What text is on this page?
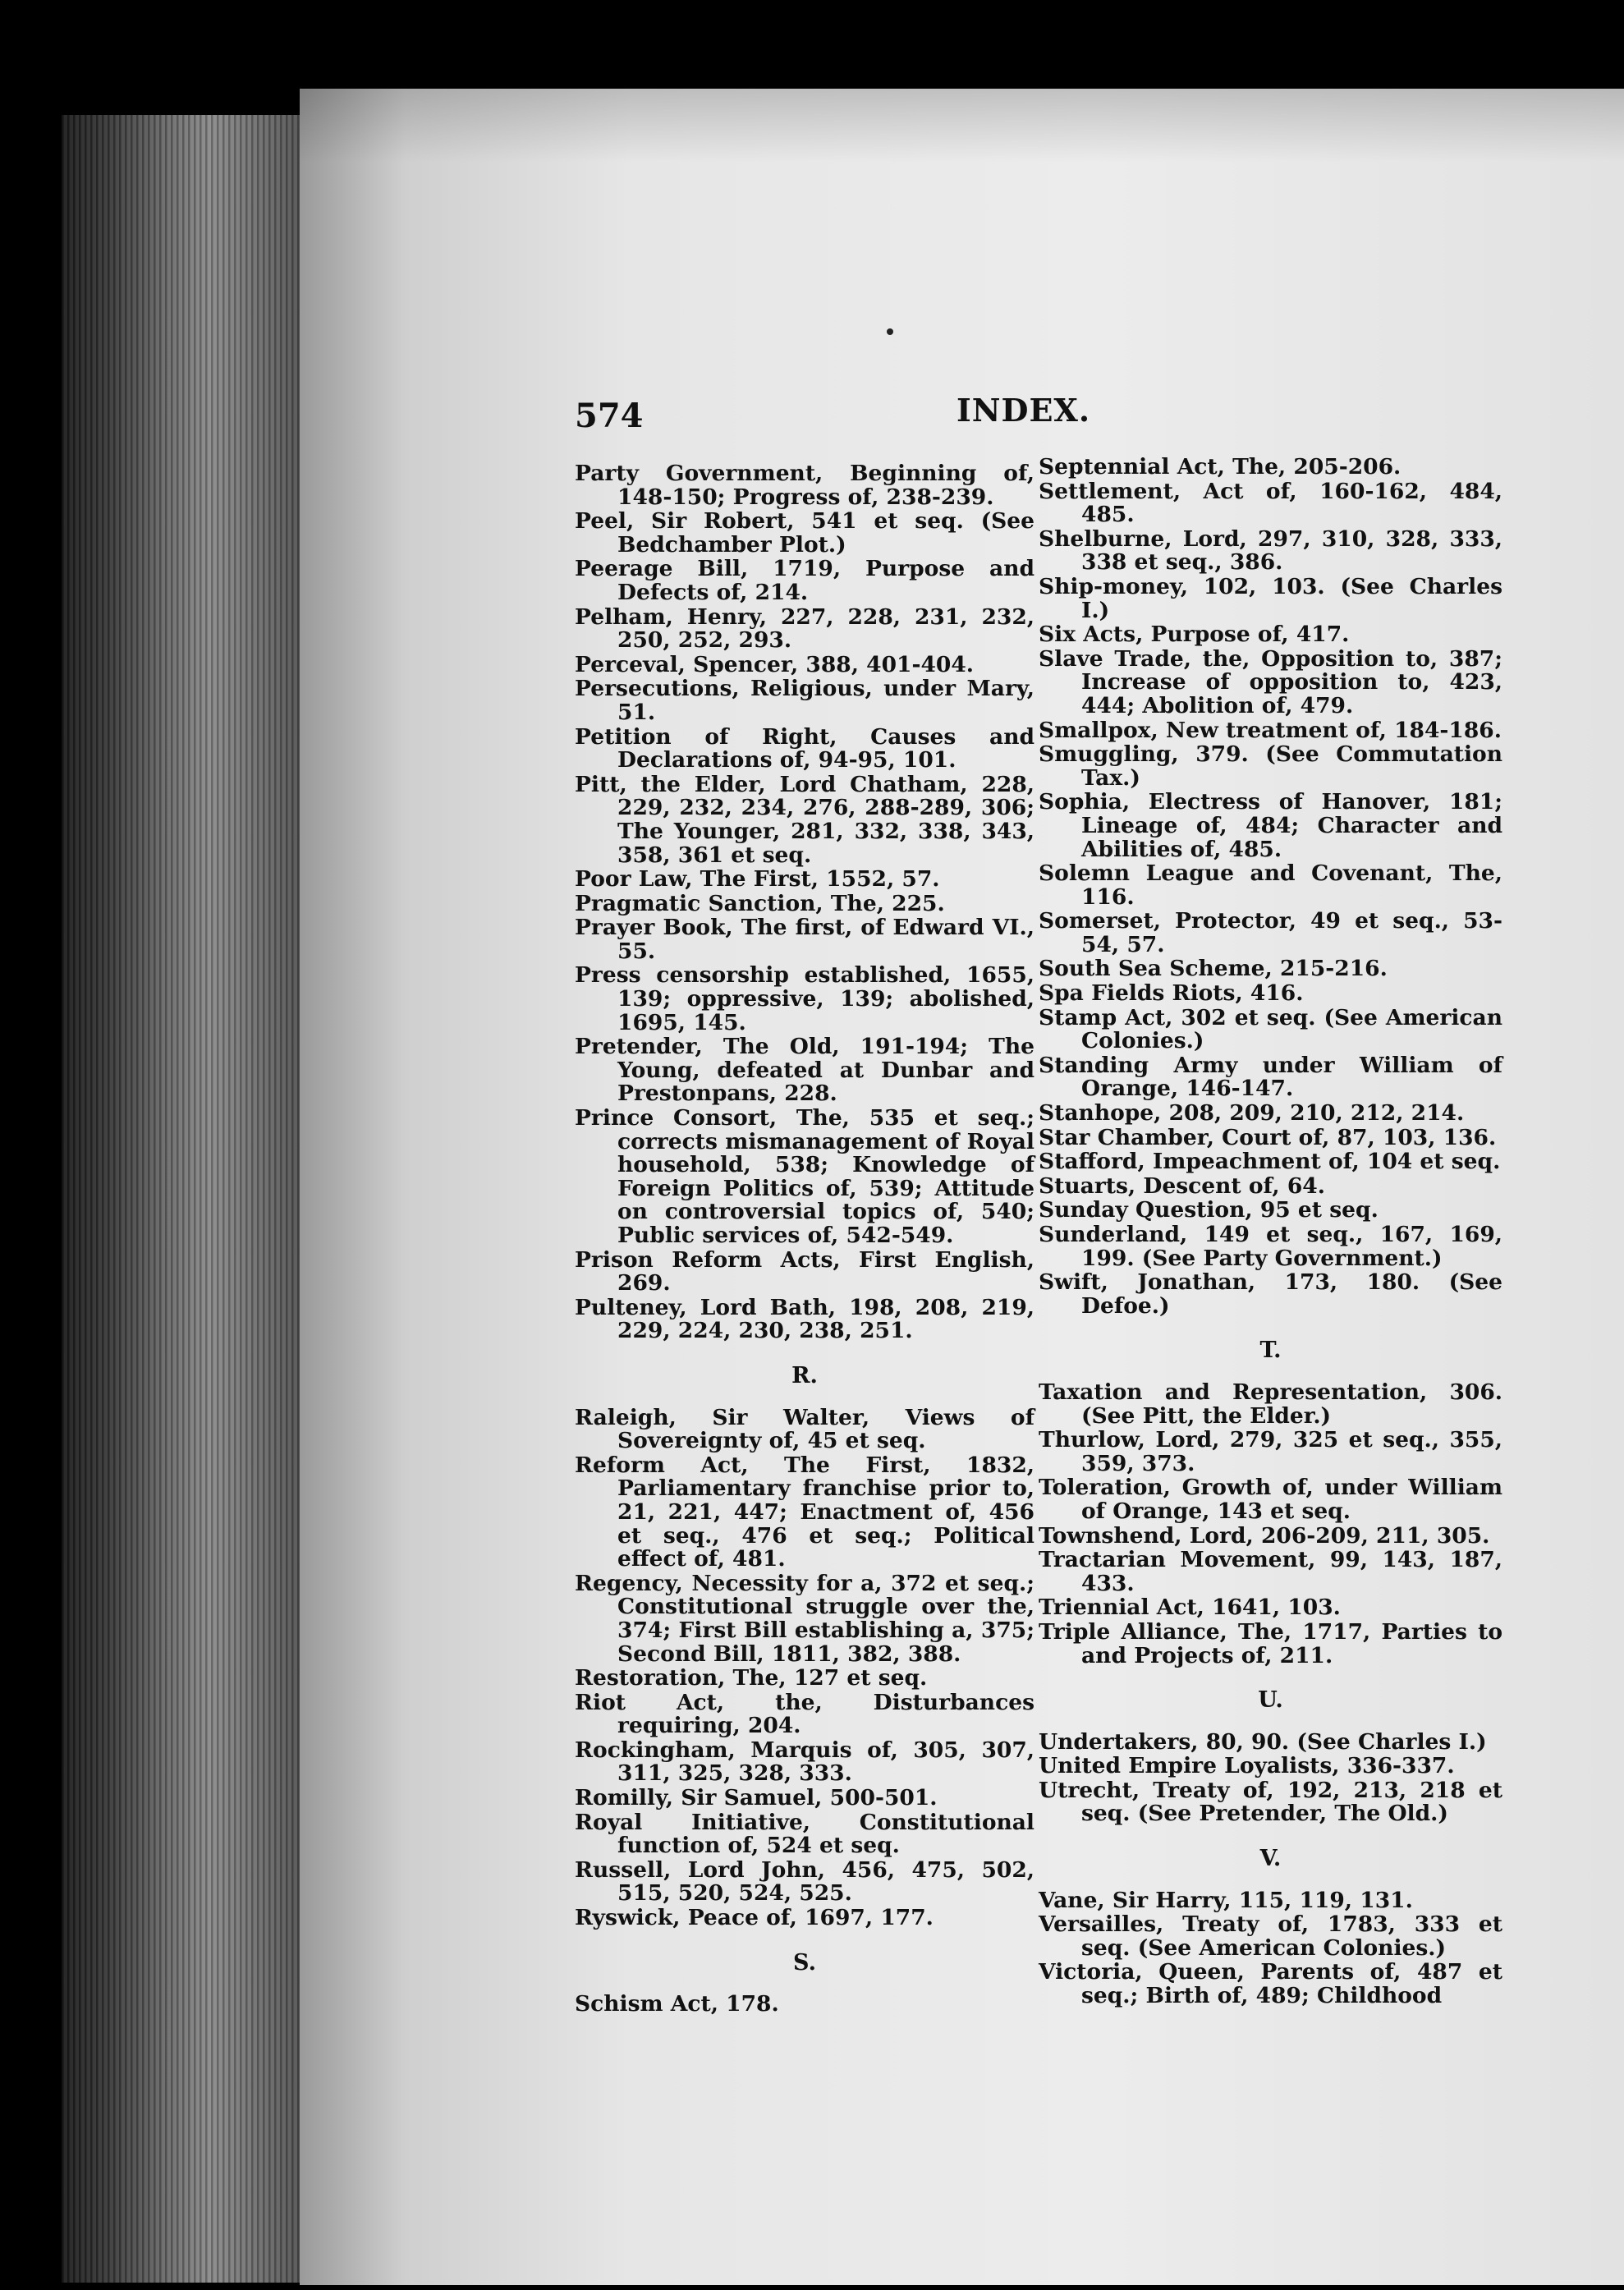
574	INDEX.
Party Government, Beginning of, 148-150; Progress of, 238-239.
Peel, Sir Robert, 541 et seq. (See Bedchamber Plot.)
Peerage Bill, 1719, Purpose and Defects of, 214.
Pelham, Henry, 227, 228, 231, 232, 250, 252, 293.
Perceval, Spencer, 388, 401-404.
Persecutions, Religious, under Mary, 51.
Petition of Right, Causes and Declarations of, 94-95, 101.
Pitt, the Elder, Lord Chatham, 228, 229, 232, 234, 276, 288-289, 306; The Younger, 281, 332, 338, 343, 358, 361 et seq.
Poor Law, The First, 1552, 57.
Pragmatic Sanction, The, 225.
Prayer Book, The first, of Edward VI., 55.
Press censorship established, 1655, 139; oppressive, 139; abolished, 1695, 145.
Pretender, The Old, 191-194; The Young, defeated at Dunbar and Prestonpans, 228.
Prince Consort, The, 535 et seq.; corrects mismanagement of Royal household, 538; Knowledge of Foreign Politics of, 539; Attitude on controversial topics of, 540; Public services of, 542-549.
Prison Reform Acts, First English, 269.
Pulteney, Lord Bath, 198, 208, 219, 229, 224, 230, 238, 251.
R.
Raleigh, Sir Walter, Views of Sovereignty of, 45 et seq.
Reform Act, The First, 1832, Parliamentary franchise prior to, 21, 221, 447; Enactment of, 456 et seq., 476 et seq.; Political effect of, 481.
Regency, Necessity for a, 372 et seq.; Constitutional struggle over the, 374; First Bill establishing a, 375; Second Bill, 1811, 382, 388.
Restoration, The, 127 et seq.
Riot Act, the, Disturbances requiring, 204.
Rockingham, Marquis of, 305, 307, 311, 325, 328, 333.
Romilly, Sir Samuel, 500-501.
Royal Initiative, Constitutional function of, 524 et seq.
Russell, Lord John, 456, 475, 502, 515, 520, 524, 525.
Ryswick, Peace of, 1697, 177.
S.
Schism Act, 178.
Septennial Act, The, 205-206.
Settlement, Act of, 160-162, 484, 485.
Shelburne, Lord, 297, 310, 328, 333, 338 et seq., 386.
Ship-money, 102, 103. (See Charles I.)
Six Acts, Purpose of, 417.
Slave Trade, the, Opposition to, 387; Increase of opposition to, 423, 444; Abolition of, 479.
Smallpox, New treatment of, 184-186.
Smuggling, 379. (See Commutation Tax.)
Sophia, Electress of Hanover, 181; Lineage of, 484; Character and Abilities of, 485.
Solemn League and Covenant, The, 116.
Somerset, Protector, 49 et seq., 53-54, 57.
South Sea Scheme, 215-216.
Spa Fields Riots, 416.
Stamp Act, 302 et seq. (See American Colonies.)
Standing Army under William of Orange, 146-147.
Stanhope, 208, 209, 210, 212, 214.
Star Chamber, Court of, 87, 103, 136.
Stafford, Impeachment of, 104 et seq.
Stuarts, Descent of, 64.
Sunday Question, 95 et seq.
Sunderland, 149 et seq., 167, 169, 199. (See Party Government.)
Swift, Jonathan, 173, 180. (See Defoe.)
T.
Taxation and Representation, 306. (See Pitt, the Elder.)
Thurlow, Lord, 279, 325 et seq., 355, 359, 373.
Toleration, Growth of, under William of Orange, 143 et seq.
Townshend, Lord, 206-209, 211, 305.
Tractarian Movement, 99, 143, 187, 433.
Triennial Act, 1641, 103.
Triple Alliance, The, 1717, Parties to and Projects of, 211.
U.
Undertakers, 80, 90. (See Charles I.)
United Empire Loyalists, 336-337.
Utrecht, Treaty of, 192, 213, 218 et seq. (See Pretender, The Old.)
V.
Vane, Sir Harry, 115, 119, 131.
Versailles, Treaty of, 1783, 333 et seq. (See American Colonies.)
Victoria, Queen, Parents of, 487 et seq.; Birth of, 489; Childhood
